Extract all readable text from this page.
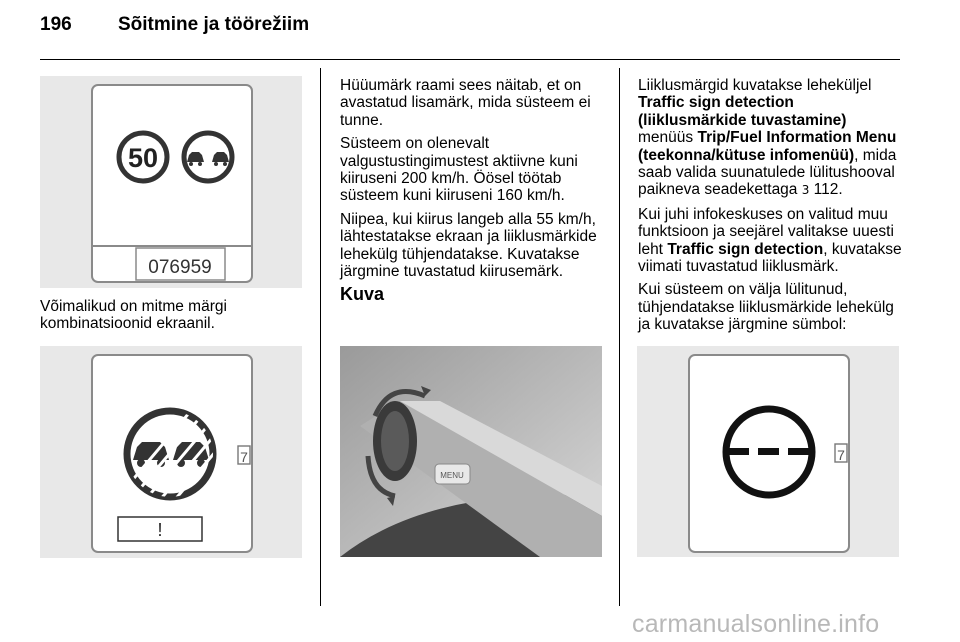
196 Sõitmine ja töörežiim
50
076959

Võimalikud on mitme märgi kombinatsioonid ekraanil.

!
7

Hüüumärk raami sees näitab, et on avastatud lisamärk, mida süsteem ei tunne.

Süsteem on olenevalt valgustustingimustest aktiivne kuni kiiruseni 200 km/h. Öösel töötab süsteem kuni kiiruseni 160 km/h.

Niipea, kui kiirus langeb alla 55 km/h, lähtestatakse ekraan ja liiklusmärkide lehekülg tühjendatakse. Kuvatakse järgmine tuvastatud kiirusemärk.

Kuva

MENU

Liiklusmärgid kuvatakse leheküljel Traffic sign detection (liiklusmärkide tuvastamine) menüüs Trip/Fuel Information Menu (teekonna/kütuse infomenüü), mida saab valida suunatulede lülitushooval paikneva seadekettaga 3 112.

Kui juhi infokeskuses on valitud muu funktsioon ja seejärel valitakse uuesti leht Traffic sign detection, kuvatakse viimati tuvastatud liiklusmärk.

Kui süsteem on välja lülitunud, tühjendatakse liiklusmärkide lehekülg ja kuvatakse järgmine sümbol:

7
carmanualsonline.info
